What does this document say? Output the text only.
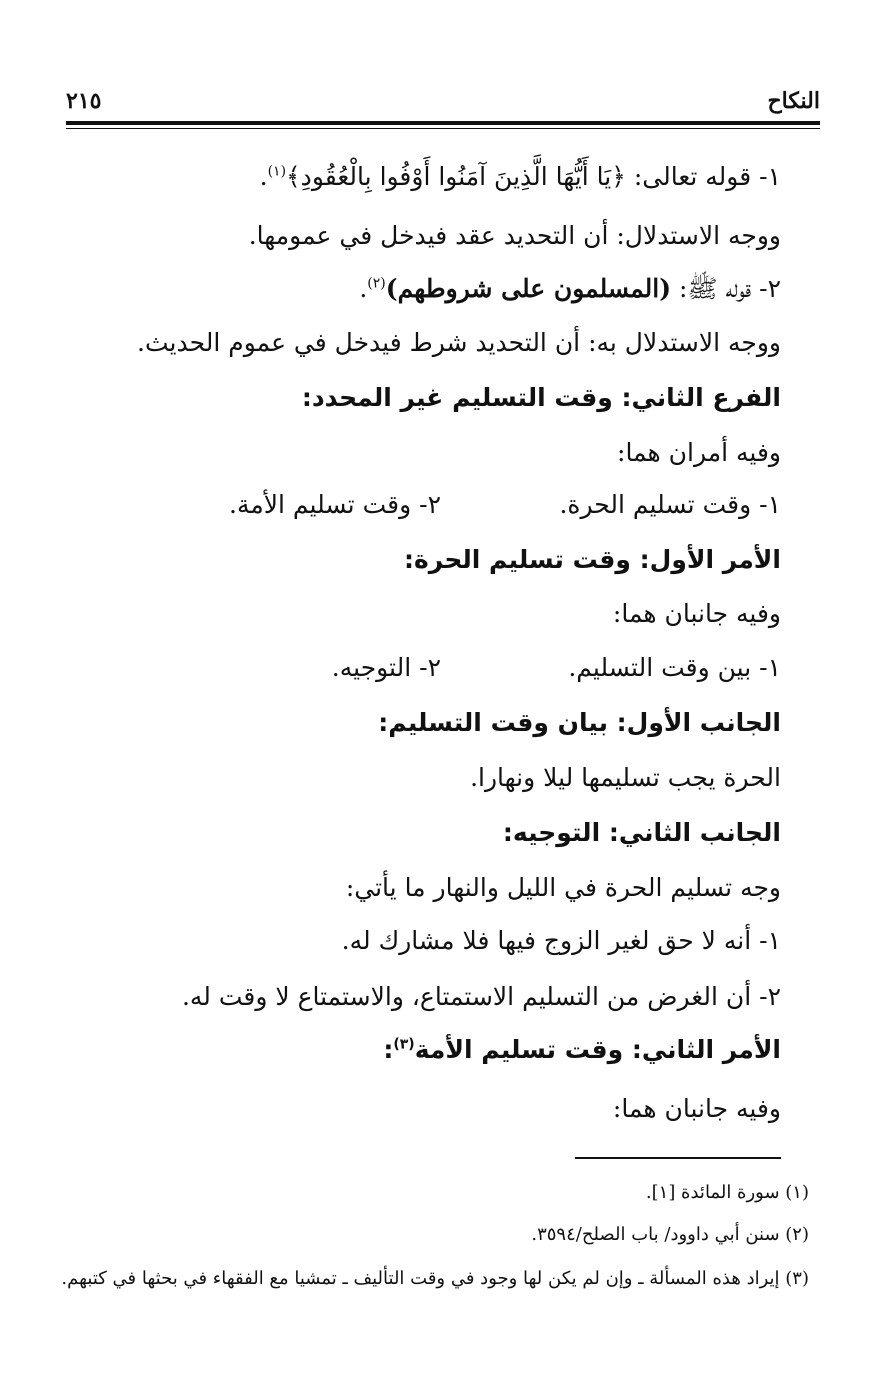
النكاح
٢١٥
١- قوله تعالى: ﴿يَا أَيُّهَا الَّذِينَ آمَنُوا أَوْفُوا بِالْعُقُودِ﴾$^{(١)}$.
ووجه الاستدلال: أن التحديد عقد فيدخل في عمومها.
٢- قوله ﷺ: (المسلمون على شروطهم)$^{(٢)}$.
ووجه الاستدلال به: أن التحديد شرط فيدخل في عموم الحديث.
الفرع الثاني: وقت التسليم غير المحدد:
وفيه أمران هما:
١- وقت تسليم الحرة.
٢- وقت تسليم الأمة.
الأمر الأول: وقت تسليم الحرة:
وفيه جانبان هما:
١- بين وقت التسليم.
٢- التوجيه.
الجانب الأول: بيان وقت التسليم:
الحرة يجب تسليمها ليلا ونهارا.
الجانب الثاني: التوجيه:
وجه تسليم الحرة في الليل والنهار ما يأتي:
١- أنه لا حق لغير الزوج فيها فلا مشارك له.
٢- أن الغرض من التسليم الاستمتاع، والاستمتاع لا وقت له.
الأمر الثاني: وقت تسليم الأمة$^{(٣)}$:
وفيه جانبان هما:
(١) سورة المائدة [١].
(٢) سنن أبي داوود/ باب الصلح/٣٥٩٤.
(٣) إيراد هذه المسألة ـ وإن لم يكن لها وجود في وقت التأليف ـ تمشيا مع الفقهاء في بحثها في كتبهم.
